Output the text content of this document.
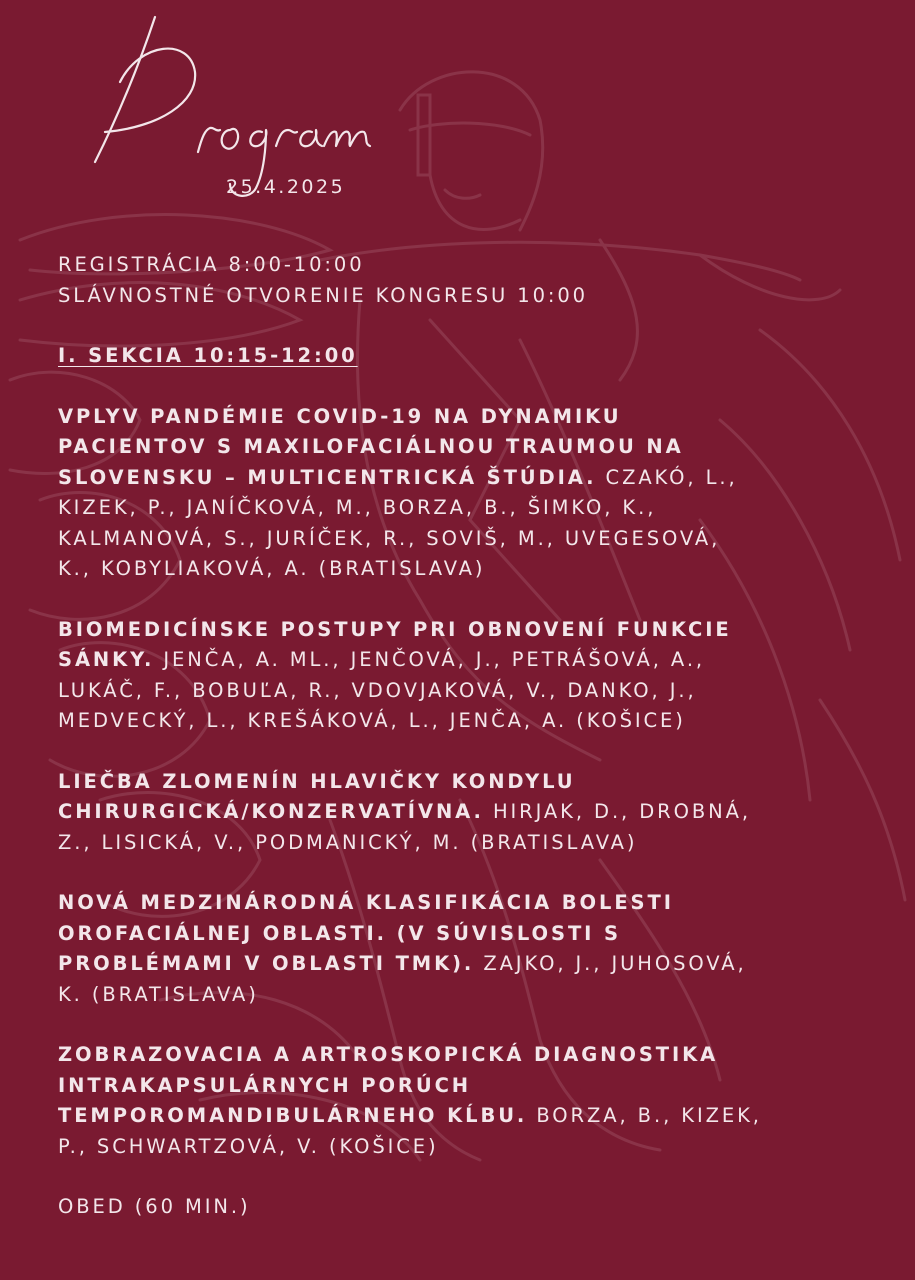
25.4.2025
REGISTRÁCIA 8:00-10:00
SLÁVNOSTNÉ OTVORENIE KONGRESU 10:00
I. SEKCIA 10:15-12:00
VPLYV PANDÉMIE COVID-19 NA DYNAMIKU
PACIENTOV S MAXILOFACIÁLNOU TRAUMOU NA
SLOVENSKU – MULTICENTRICKÁ ŠTÚDIA. CZAKÓ, L.,
KIZEK, P., JANÍČKOVÁ, M., BORZA, B., ŠIMKO, K.,
KALMANOVÁ, S., JURÍČEK, R., SOVIŠ, M., UVEGESOVÁ,
K., KOBYLIAKOVÁ, A. (BRATISLAVA)
BIOMEDICÍNSKE POSTUPY PRI OBNOVENÍ FUNKCIE
SÁNKY. JENČA, A. ML., JENČOVÁ, J., PETRÁŠOVÁ, A.,
LUKÁČ, F., BOBUĽA, R., VDOVJAKOVÁ, V., DANKO, J.,
MEDVECKÝ, L., KREŠÁKOVÁ, L., JENČA, A. (KOŠICE)
LIEČBA ZLOMENÍN HLAVIČKY KONDYLU
CHIRURGICKÁ/KONZERVATÍVNA. HIRJAK, D., DROBNÁ,
Z., LISICKÁ, V., PODMANICKÝ, M. (BRATISLAVA)
NOVÁ MEDZINÁRODNÁ KLASIFIKÁCIA BOLESTI
OROFACIÁLNEJ OBLASTI. (V SÚVISLOSTI S
PROBLÉMAMI V OBLASTI TMK). ZAJKO, J., JUHOSOVÁ,
K. (BRATISLAVA)
ZOBRAZOVACIA A ARTROSKOPICKÁ DIAGNOSTIKA
INTRAKAPSULÁRNYCH PORÚCH
TEMPOROMANDIBULÁRNEHO KĹBU. BORZA, B., KIZEK,
P., SCHWARTZOVÁ, V. (KOŠICE)
OBED (60 MIN.)
